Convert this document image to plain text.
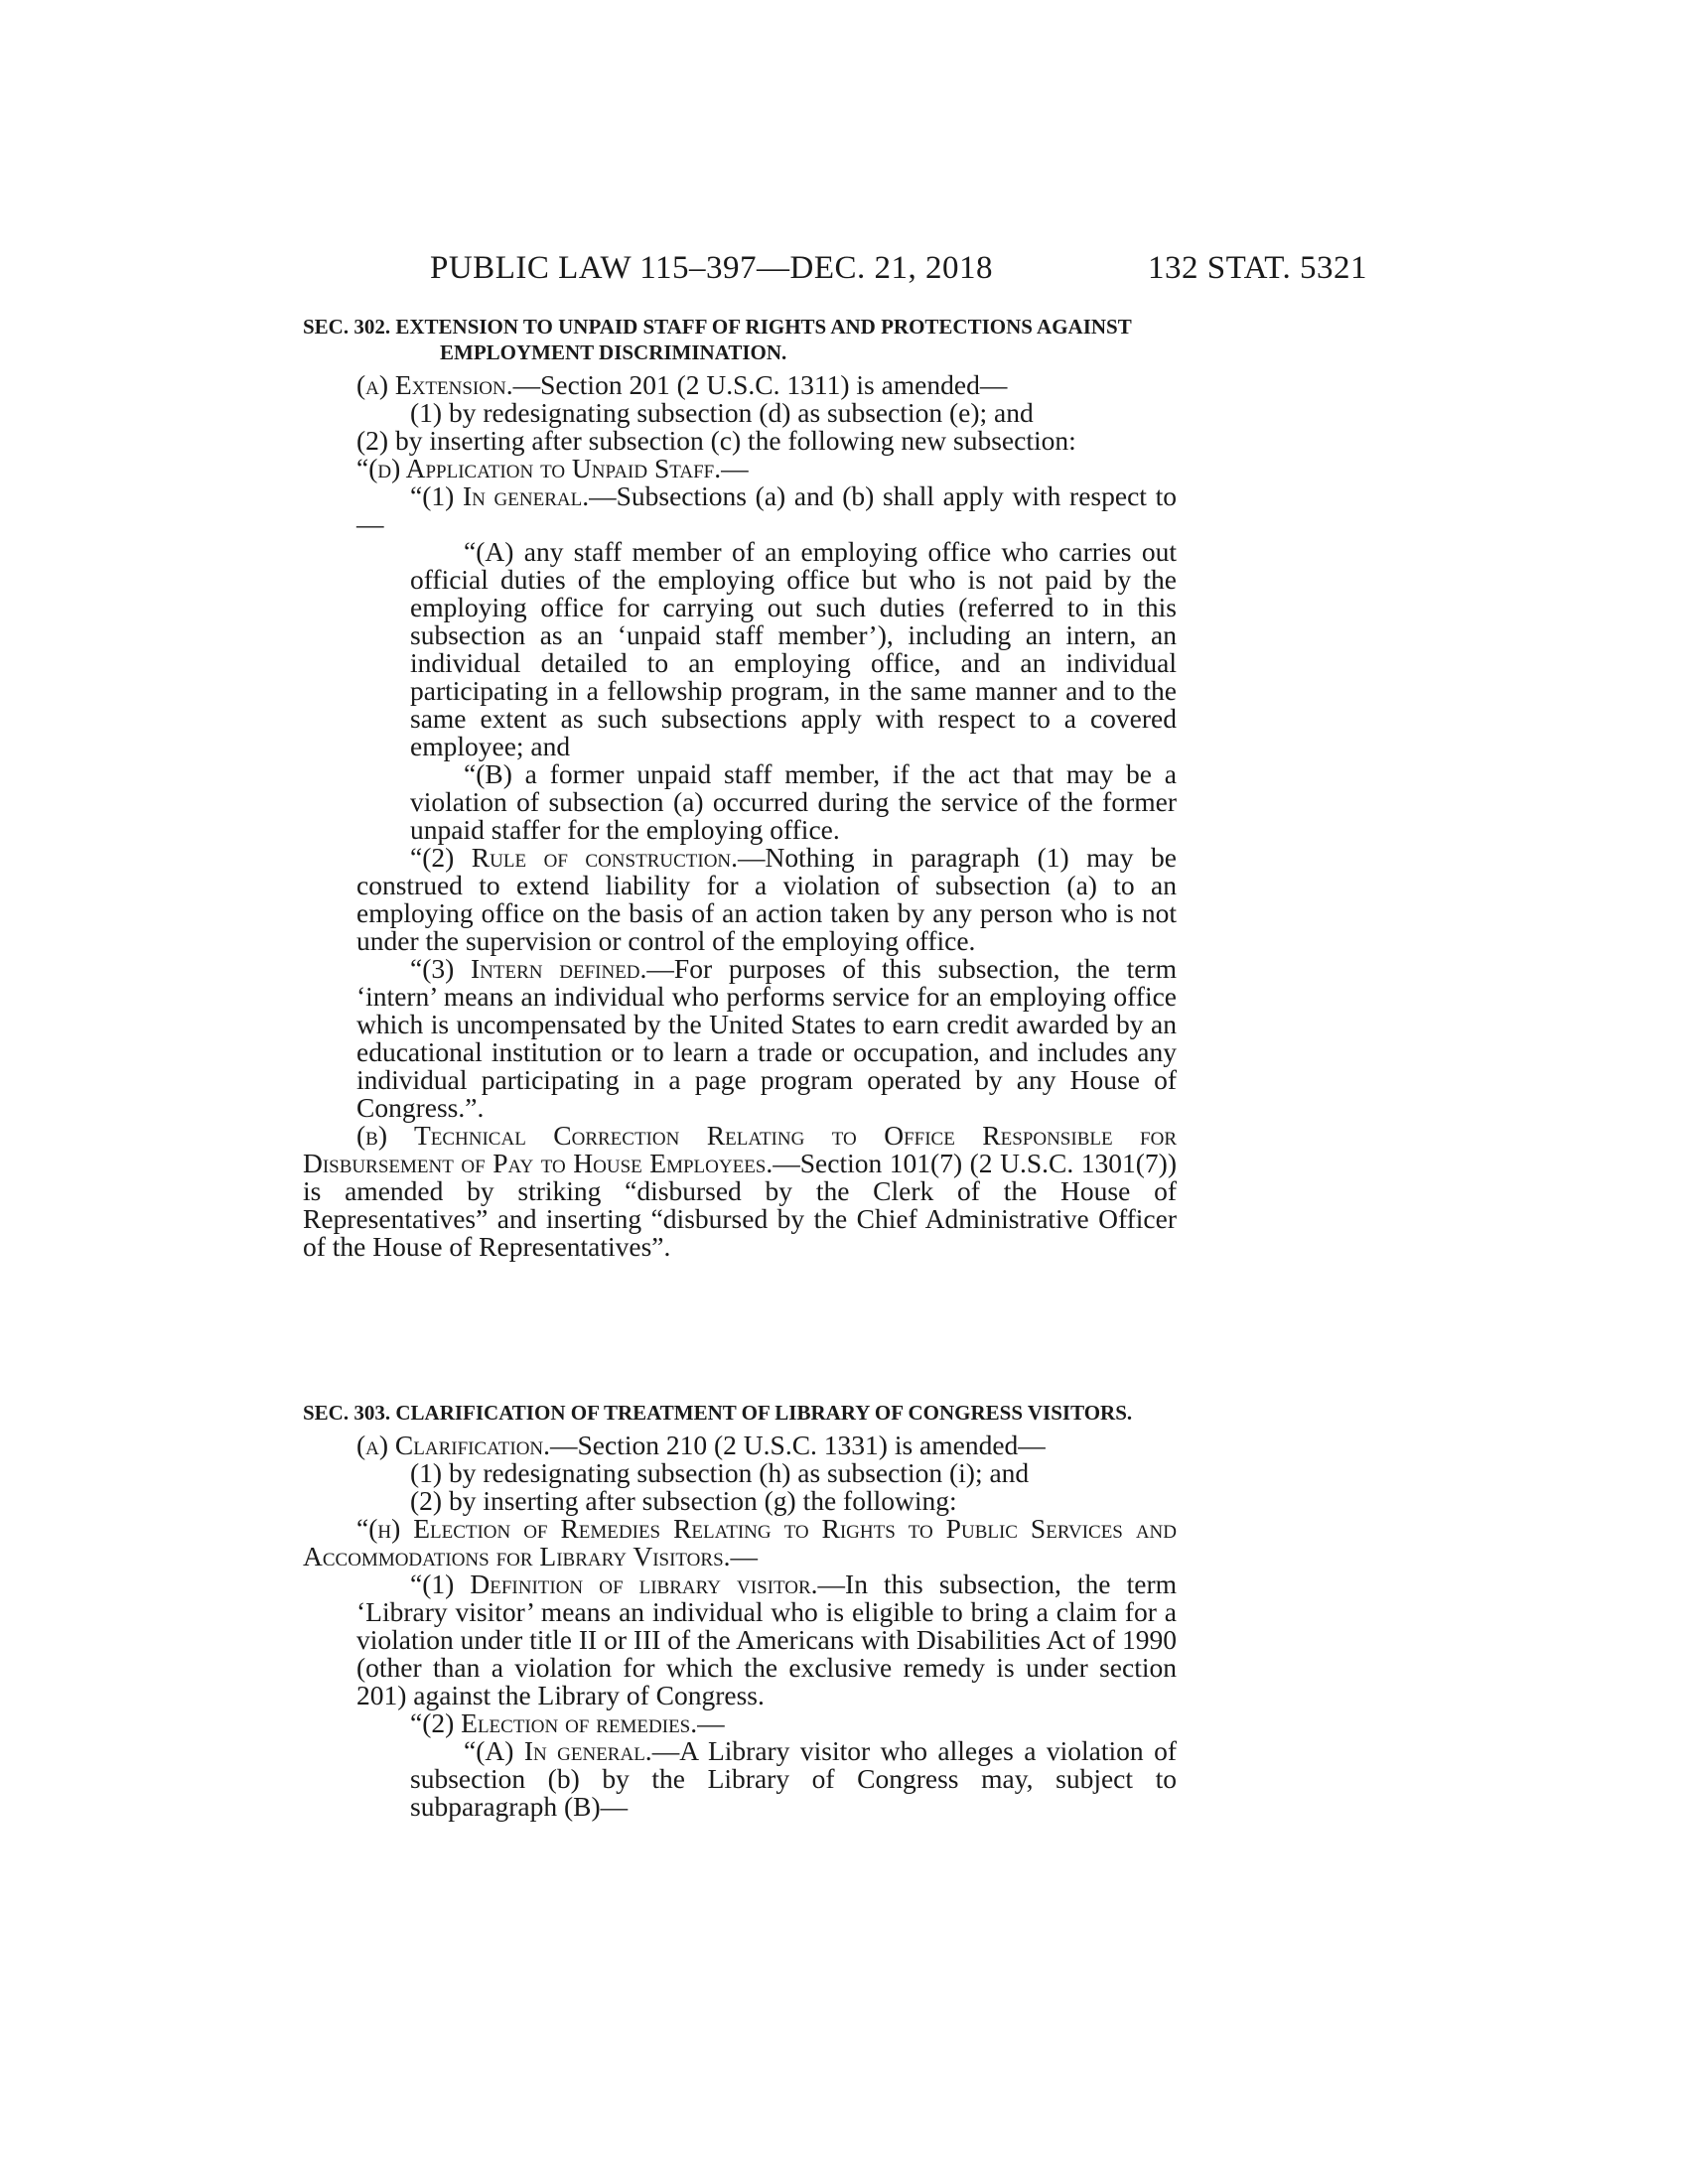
PUBLIC LAW 115–397—DEC. 21, 2018	132 STAT. 5321

SEC. 302. EXTENSION TO UNPAID STAFF OF RIGHTS AND PROTECTIONS AGAINST EMPLOYMENT DISCRIMINATION.

(a) Extension.—Section 201 (2 U.S.C. 1311) is amended—

(1) by redesignating subsection (d) as subsection (e); and

(2) by inserting after subsection (c) the following new subsection:

“(d) Application to Unpaid Staff.—

“(1) In general.—Subsections (a) and (b) shall apply with respect to—

“(A) any staff member of an employing office who carries out official duties of the employing office but who is not paid by the employing office for carrying out such duties (referred to in this subsection as an ‘unpaid staff member’), including an intern, an individual detailed to an employing office, and an individual participating in a fellowship program, in the same manner and to the same extent as such subsections apply with respect to a covered employee; and

“(B) a former unpaid staff member, if the act that may be a violation of subsection (a) occurred during the service of the former unpaid staffer for the employing office.

“(2) Rule of construction.—Nothing in paragraph (1) may be construed to extend liability for a violation of subsection (a) to an employing office on the basis of an action taken by any person who is not under the supervision or control of the employing office.

“(3) Intern defined.—For purposes of this subsection, the term ‘intern’ means an individual who performs service for an employing office which is uncompensated by the United States to earn credit awarded by an educational institution or to learn a trade or occupation, and includes any individual participating in a page program operated by any House of Congress.”.

(b) Technical Correction Relating to Office Responsible for Disbursement of Pay to House Employees.—Section 101(7) (2 U.S.C. 1301(7)) is amended by striking “disbursed by the Clerk of the House of Representatives” and inserting “disbursed by the Chief Administrative Officer of the House of Representatives”.

SEC. 303. CLARIFICATION OF TREATMENT OF LIBRARY OF CONGRESS VISITORS.

(a) Clarification.—Section 210 (2 U.S.C. 1331) is amended—

(1) by redesignating subsection (h) as subsection (i); and

(2) by inserting after subsection (g) the following:

“(h) Election of Remedies Relating to Rights to Public Services and Accommodations for Library Visitors.—

“(1) Definition of library visitor.—In this subsection, the term ‘Library visitor’ means an individual who is eligible to bring a claim for a violation under title II or III of the Americans with Disabilities Act of 1990 (other than a violation for which the exclusive remedy is under section 201) against the Library of Congress.

“(2) Election of remedies.—

“(A) In general.—A Library visitor who alleges a violation of subsection (b) by the Library of Congress may, subject to subparagraph (B)—
